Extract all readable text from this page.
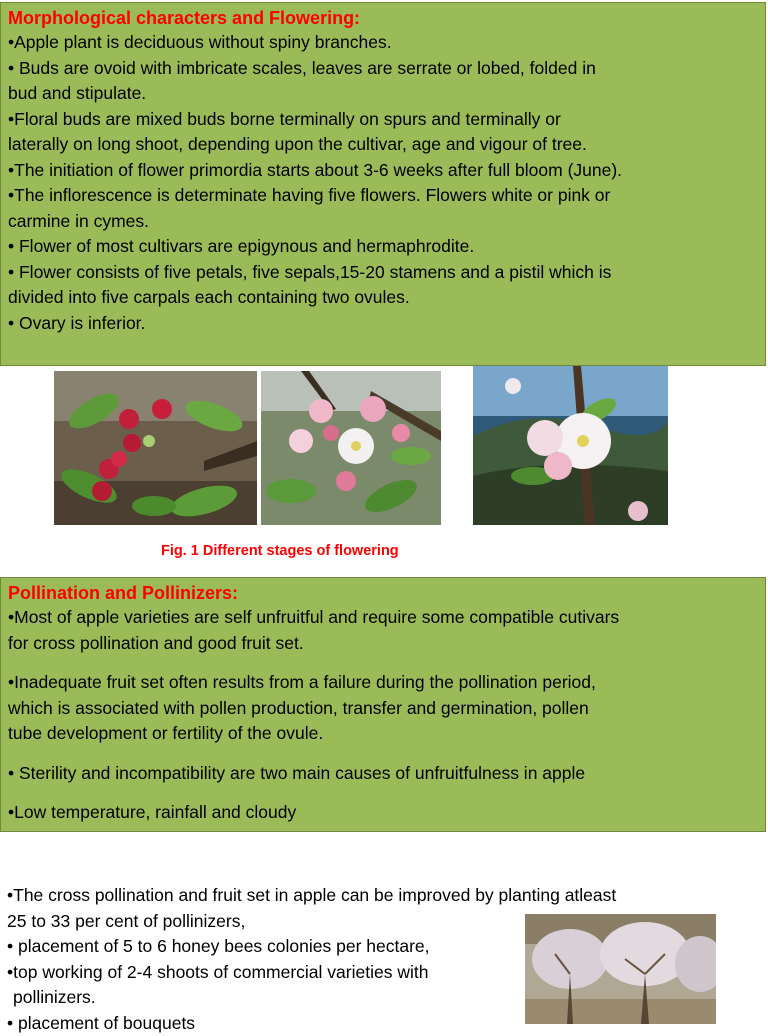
Morphological characters and Flowering:
•Apple plant is deciduous without spiny branches.
• Buds are ovoid with imbricate scales, leaves are serrate or lobed, folded in
bud and stipulate.
•Floral buds are mixed buds borne terminally on spurs and terminally or
laterally on long shoot, depending upon the cultivar, age and vigour of tree.
•The initiation of flower primordia starts about 3-6 weeks after full bloom (June).
•The inflorescence is determinate having five flowers. Flowers white or pink or
carmine in cymes.
• Flower of most cultivars are epigynous and hermaphrodite.
• Flower consists of five petals, five sepals,15-20 stamens and a pistil which is
divided into five carpals each containing two ovules.
• Ovary is inferior.
Fig. 1 Different stages of flowering
Pollination and Pollinizers:
•Most of apple varieties are self unfruitful and require some compatible cutivars
for cross pollination and good fruit set.
•Inadequate fruit set often results from a failure during the pollination period,
which is associated with pollen production, transfer and germination, pollen
tube development or fertility of the ovule.
• Sterility and incompatibility are two main causes of unfruitfulness in apple
•Low temperature, rainfall and cloudy
•The cross pollination and fruit set in apple can be improved by planting atleast
25 to 33 per cent of pollinizers,
• placement of 5 to 6 honey bees colonies per hectare,
•top working of 2-4 shoots of commercial varieties with
pollinizers.
• placement of bouquets
